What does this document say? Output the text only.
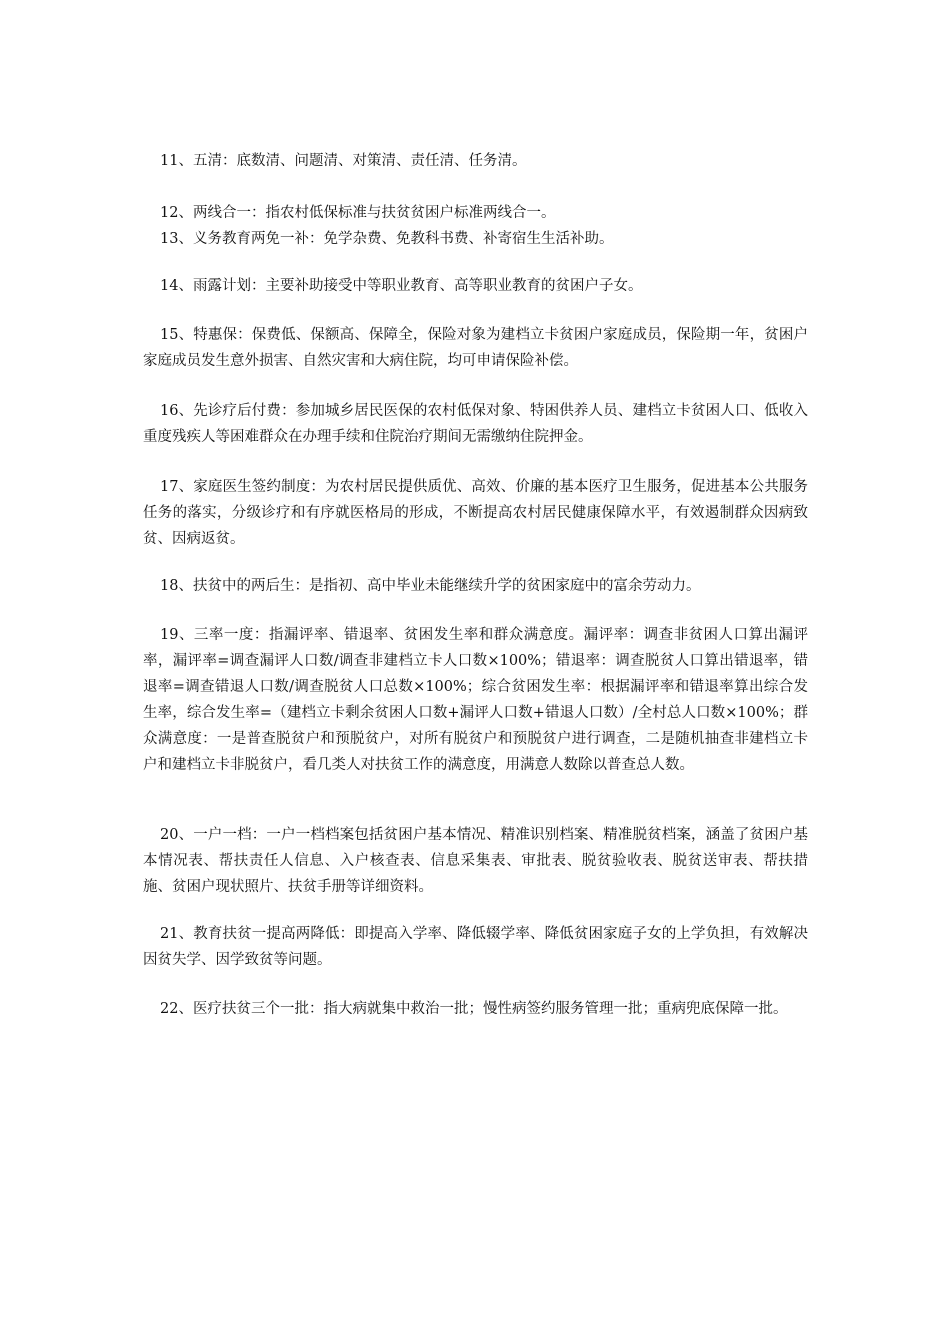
11、五清：底数清、问题清、对策清、责任清、任务清。

12、两线合一：指农村低保标准与扶贫贫困户标准两线合一。

13、义务教育两免一补：免学杂费、免教科书费、补寄宿生生活补助。

14、雨露计划：主要补助接受中等职业教育、高等职业教育的贫困户子女。

15、特惠保：保费低、保额高、保障全，保险对象为建档立卡贫困户家庭成员，保险期一年，贫困户家庭成员发生意外损害、自然灾害和大病住院，均可申请保险补偿。

16、先诊疗后付费：参加城乡居民医保的农村低保对象、特困供养人员、建档立卡贫困人口、低收入重度残疾人等困难群众在办理手续和住院治疗期间无需缴纳住院押金。

17、家庭医生签约制度：为农村居民提供质优、高效、价廉的基本医疗卫生服务，促进基本公共服务任务的落实，分级诊疗和有序就医格局的形成，不断提高农村居民健康保障水平，有效遏制群众因病致贫、因病返贫。

18、扶贫中的两后生：是指初、高中毕业未能继续升学的贫困家庭中的富余劳动力。

19、三率一度：指漏评率、错退率、贫困发生率和群众满意度。漏评率：调查非贫困人口算出漏评率，漏评率=调查漏评人口数/调查非建档立卡人口数×100%；错退率：调查脱贫人口算出错退率，错退率=调查错退人口数/调查脱贫人口总数×100%；综合贫困发生率：根据漏评率和错退率算出综合发生率，综合发生率=（建档立卡剩余贫困人口数+漏评人口数+错退人口数）/全村总人口数×100%；群众满意度：一是普查脱贫户和预脱贫户，对所有脱贫户和预脱贫户进行调查，二是随机抽查非建档立卡户和建档立卡非脱贫户，看几类人对扶贫工作的满意度，用满意人数除以普查总人数。

20、一户一档：一户一档档案包括贫困户基本情况、精准识别档案、精准脱贫档案，涵盖了贫困户基本情况表、帮扶责任人信息、入户核查表、信息采集表、审批表、脱贫验收表、脱贫送审表、帮扶措施、贫困户现状照片、扶贫手册等详细资料。

21、教育扶贫一提高两降低：即提高入学率、降低辍学率、降低贫困家庭子女的上学负担，有效解决因贫失学、因学致贫等问题。

22、医疗扶贫三个一批：指大病就集中救治一批；慢性病签约服务管理一批；重病兜底保障一批。
